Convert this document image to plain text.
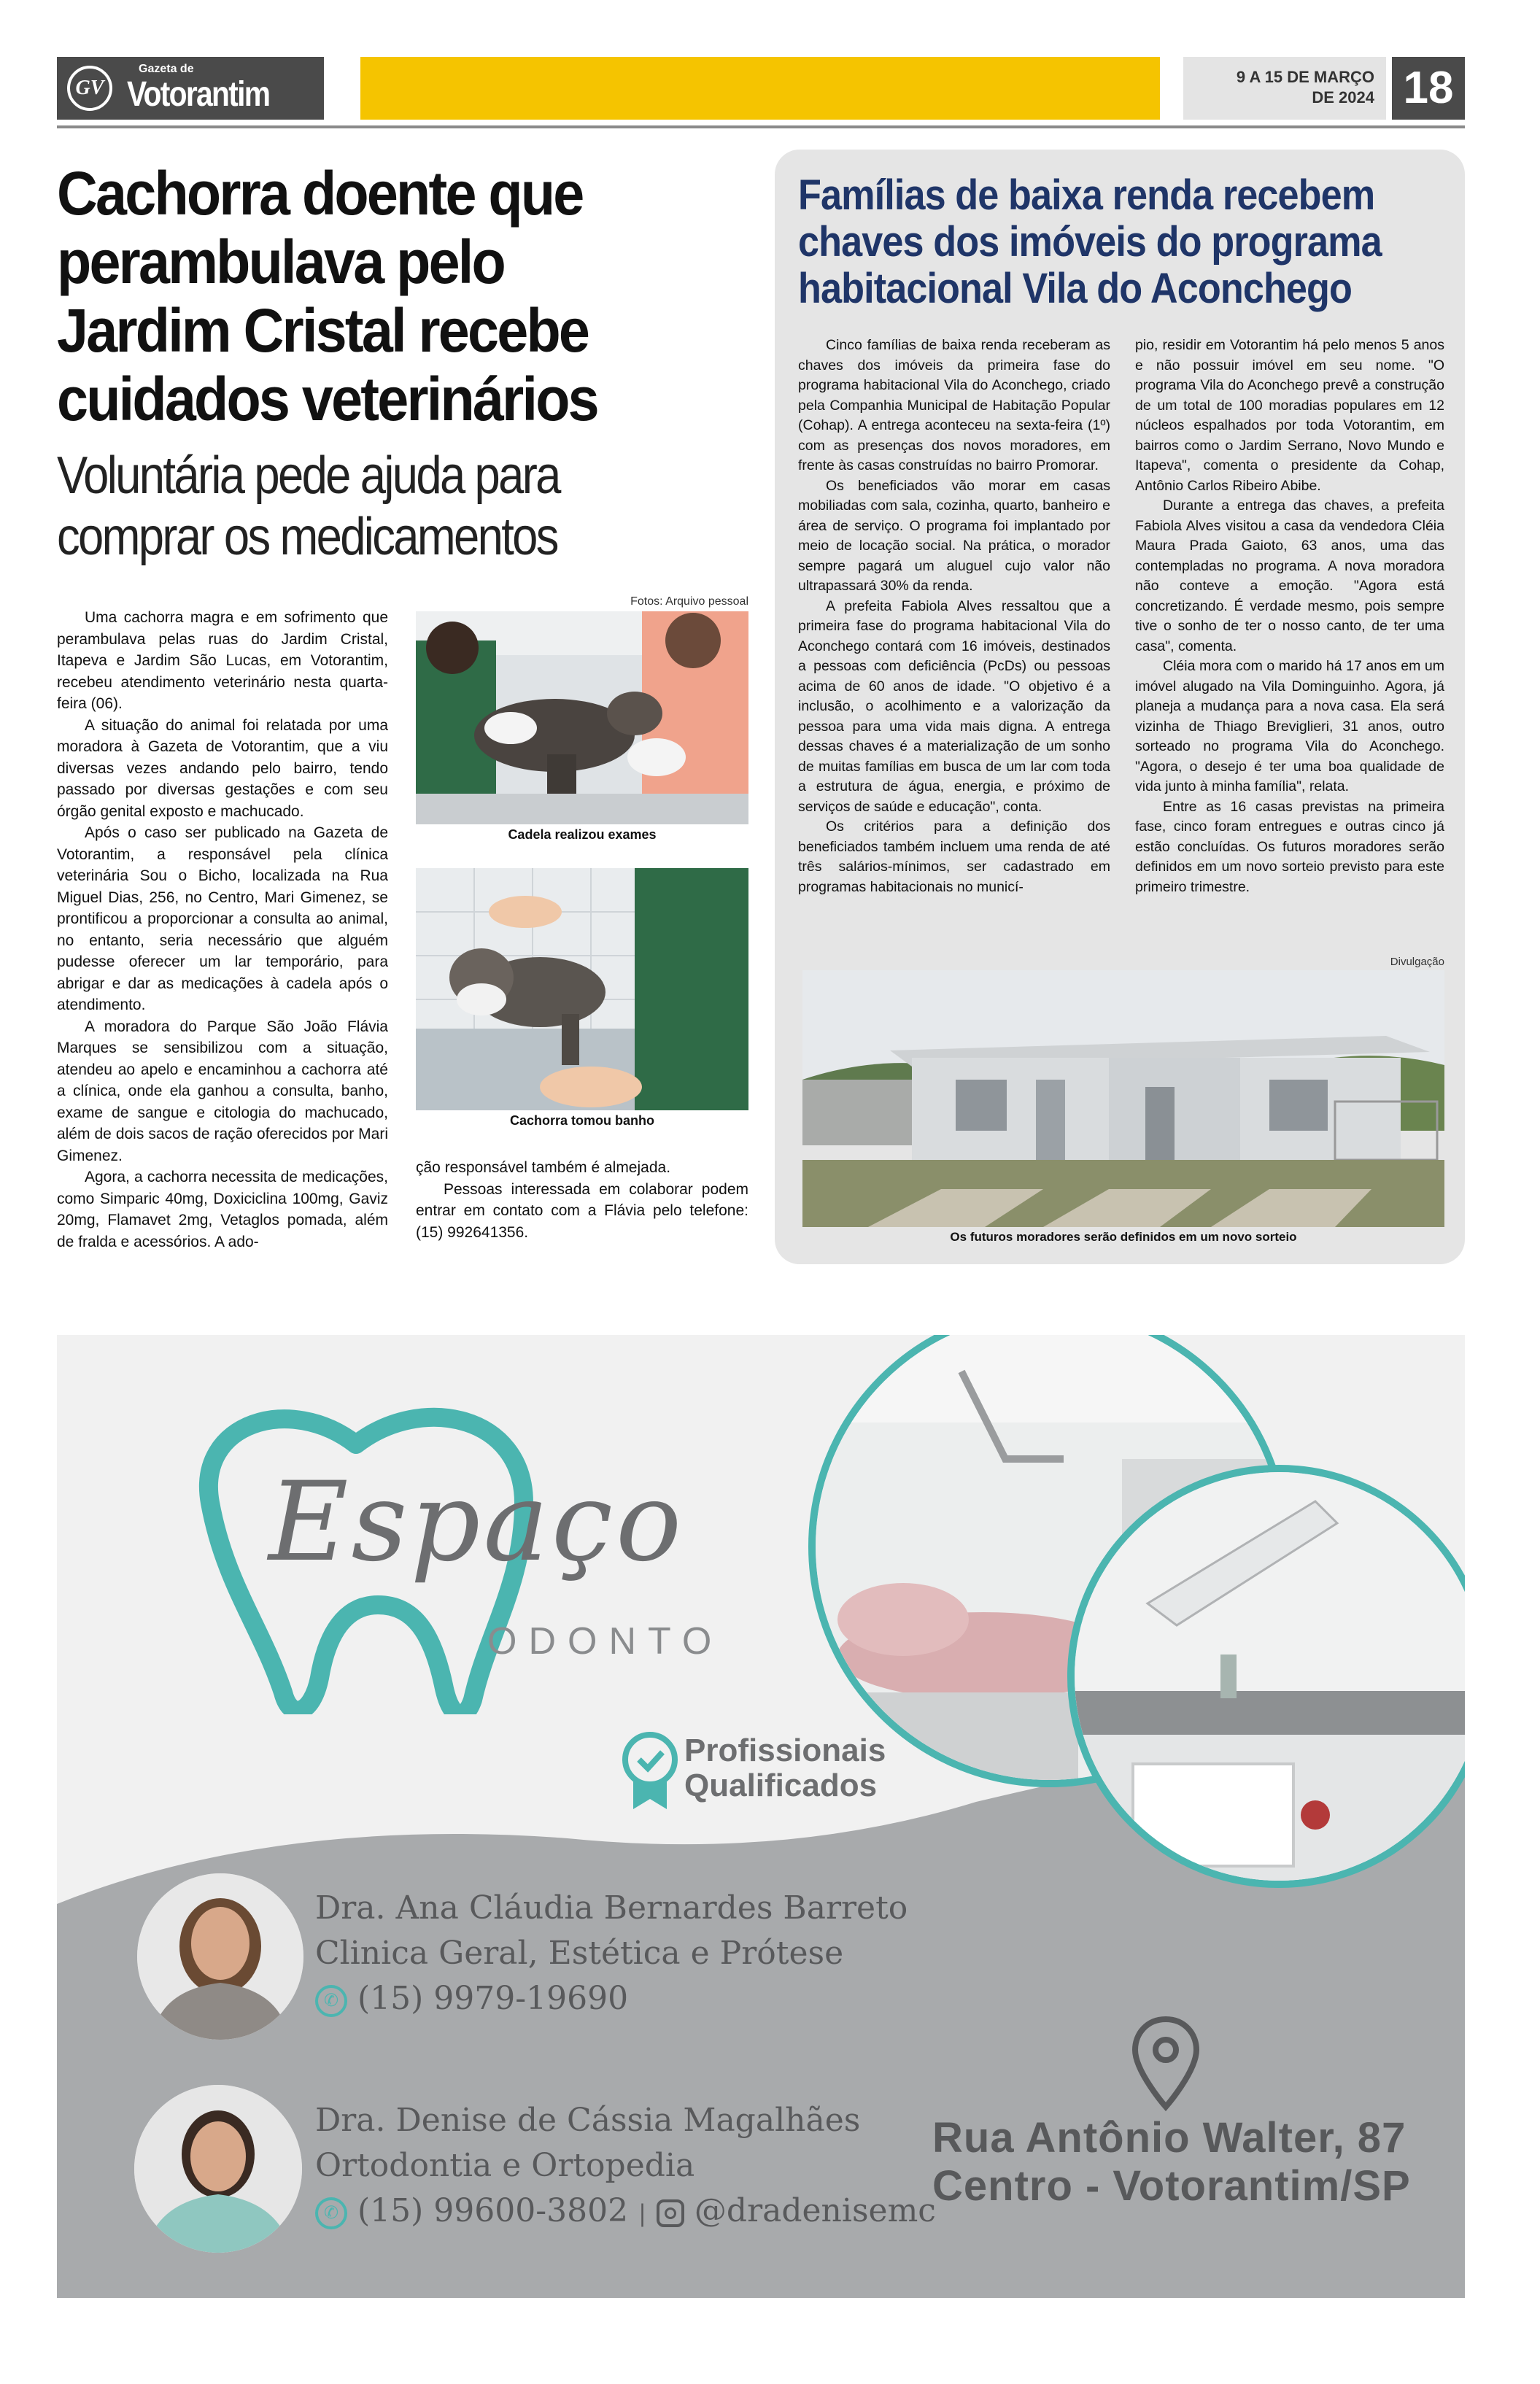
GV
Gazeta de
Votorantim	9 A 15 DE MARÇO
DE 2024 18
Cachorra doente que perambulava pelo Jardim Cristal recebe cuidados veterinários
Voluntária pede ajuda para comprar os medicamentos

Uma cachorra magra e em sofrimento que perambulava pelas ruas do Jardim Cristal, Itapeva e Jardim São Lucas, em Votorantim, recebeu atendimento veterinário nesta quarta-feira (06).

A situação do animal foi relatada por uma moradora à Gazeta de Votorantim, que a viu diversas vezes andando pelo bairro, tendo passado por diversas gestações e com seu órgão genital exposto e machucado.

Após o caso ser publicado na Gazeta de Votorantim, a responsável pela clínica veterinária Sou o Bicho, localizada na Rua Miguel Dias, 256, no Centro, Mari Gimenez, se prontificou a proporcionar a consulta ao animal, no entanto, seria necessário que alguém pudesse oferecer um lar temporário, para abrigar e dar as medicações à cadela após o atendimento.

A moradora do Parque São João Flávia Marques se sensibilizou com a situação, atendeu ao apelo e encaminhou a cachorra até a clínica, onde ela ganhou a consulta, banho, exame de sangue e citologia do machucado, além de dois sacos de ração oferecidos por Mari Gimenez.

Agora, a cachorra necessita de medicações, como Simparic 40mg, Doxiciclina 100mg, Gaviz 20mg, Flamavet 2mg, Vetaglos pomada, além de fralda e acessórios. A ado-

Fotos: Arquivo pessoal
Cadela realizou exames
Cachorra tomou banho

ção responsável também é almejada.

Pessoas interessada em colaborar podem entrar em contato com a Flávia pelo telefone: (15) 992641356.

Famílias de baixa renda recebem chaves dos imóveis do programa habitacional Vila do Aconchego

Cinco famílias de baixa renda receberam as chaves dos imóveis da primeira fase do programa habitacional Vila do Aconchego, criado pela Companhia Municipal de Habitação Popular (Cohap). A entrega aconteceu na sexta-feira (1º) com as presenças dos novos moradores, em frente às casas construídas no bairro Promorar.

Os beneficiados vão morar em casas mobiliadas com sala, cozinha, quarto, banheiro e área de serviço. O programa foi implantado por meio de locação social. Na prática, o morador sempre pagará um aluguel cujo valor não ultrapassará 30% da renda.

A prefeita Fabiola Alves ressaltou que a primeira fase do programa habitacional Vila do Aconchego contará com 16 imóveis, destinados a pessoas com deficiência (PcDs) ou pessoas acima de 60 anos de idade. "O objetivo é a inclusão, o acolhimento e a valorização da pessoa para uma vida mais digna. A entrega dessas chaves é a materialização de um sonho de muitas famílias em busca de um lar com toda a estrutura de água, energia, e próximo de serviços de saúde e educação", conta.

Os critérios para a definição dos beneficiados também incluem uma renda de até três salários-mínimos, ser cadastrado em programas habitacionais no municí-

pio, residir em Votorantim há pelo menos 5 anos e não possuir imóvel em seu nome. "O programa Vila do Aconchego prevê a construção de um total de 100 moradias populares em 12 núcleos espalhados por toda Votorantim, em bairros como o Jardim Serrano, Novo Mundo e Itapeva", comenta o presidente da Cohap, Antônio Carlos Ribeiro Abibe.

Durante a entrega das chaves, a prefeita Fabiola Alves visitou a casa da vendedora Cléia Maura Prada Gaioto, 63 anos, uma das contempladas no programa. A nova moradora não conteve a emoção. "Agora está concretizando. É verdade mesmo, pois sempre tive o sonho de ter o nosso canto, de ter uma casa", comenta.

Cléia mora com o marido há 17 anos em um imóvel alugado na Vila Dominguinho. Agora, já planeja a mudança para a nova casa. Ela será vizinha de Thiago Breviglieri, 31 anos, outro sorteado no programa Vila do Aconchego. "Agora, o desejo é ter uma boa qualidade de vida junto à minha família", relata.

Entre as 16 casas previstas na primeira fase, cinco foram entregues e outras cinco já estão concluídas. Os futuros moradores serão definidos em um novo sorteio previsto para este primeiro trimestre.

Divulgação
Os futuros moradores serão definidos em um novo sorteio
Espaço
ODONTO
Profissionais
Qualificados
Dra. Ana Cláudia Bernardes Barreto
Clinica Geral, Estética e Prótese
✆ (15) 9979-19690
Dra. Denise de Cássia Magalhães
Ortodontia e Ortopedia
✆ (15) 99600-3802 | @dradenisemc
Rua Antônio Walter, 87
Centro - Votorantim/SP
